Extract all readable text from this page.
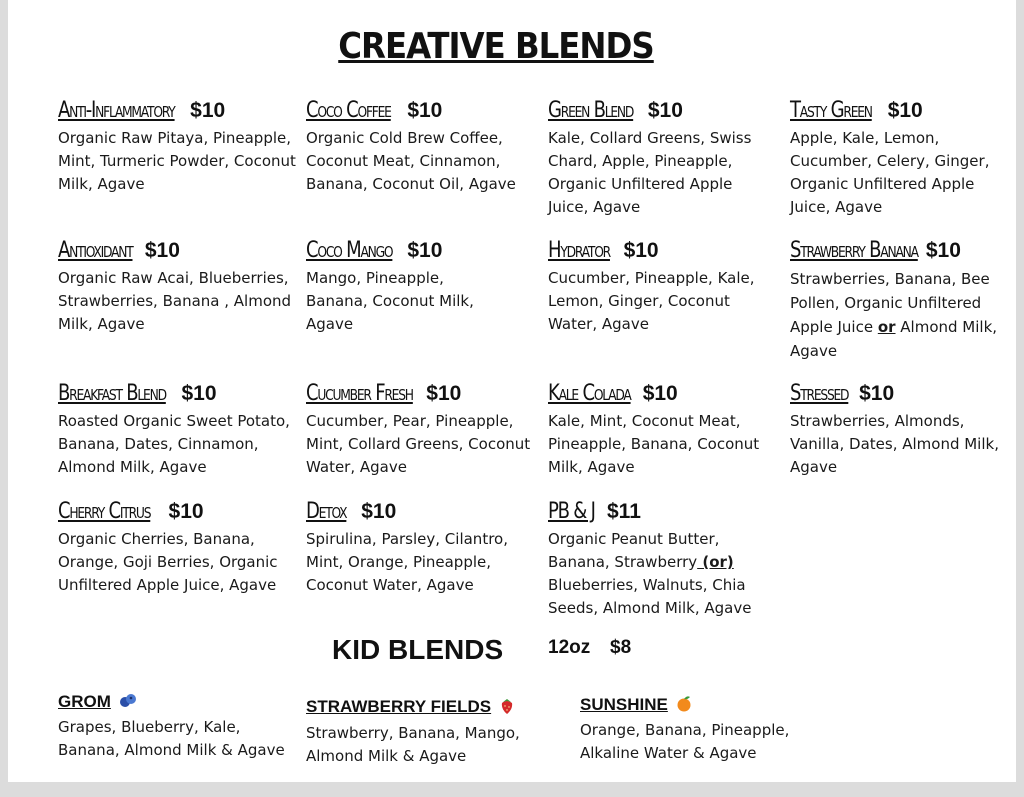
CREATIVE BLENDS
Anti-Inflammatory $10
Organic Raw Pitaya, Pineapple, Mint, Turmeric Powder, Coconut Milk, Agave
Coco Coffee $10
Organic Cold Brew Coffee, Coconut Meat, Cinnamon, Banana, Coconut Oil, Agave
Green Blend $10
Kale, Collard Greens, Swiss Chard, Apple, Pineapple, Organic Unfiltered Apple Juice, Agave
Tasty Green $10
Apple, Kale, Lemon, Cucumber, Celery, Ginger, Organic Unfiltered Apple Juice, Agave
Antioxidant $10
Organic Raw Acai, Blueberries, Strawberries, Banana , Almond Milk, Agave
Coco Mango $10
Mango, Pineapple, Banana, Coconut Milk, Agave
Hydrator $10
Cucumber, Pineapple, Kale, Lemon, Ginger, Coconut Water, Agave
Strawberry Banana $10
Strawberries, Banana, Bee Pollen, Organic Unfiltered Apple Juice or Almond Milk, Agave
Breakfast Blend $10
Roasted Organic Sweet Potato, Banana, Dates, Cinnamon, Almond Milk, Agave
Cucumber Fresh $10
Cucumber, Pear, Pineapple, Mint, Collard Greens, Coconut Water, Agave
Kale Colada $10
Kale, Mint, Coconut Meat, Pineapple, Banana, Coconut Milk, Agave
Stressed $10
Strawberries, Almonds, Vanilla, Dates, Almond Milk, Agave
Cherry Citrus $10
Organic Cherries, Banana, Orange, Goji Berries, Organic Unfiltered Apple Juice, Agave
Detox $10
Spirulina, Parsley, Cilantro, Mint, Orange, Pineapple, Coconut Water, Agave
PB & J $11
Organic Peanut Butter, Banana, Strawberry (or) Blueberries, Walnuts, Chia Seeds, Almond Milk, Agave
KID BLENDS 12oz $8
GROM
Grapes, Blueberry, Kale, Banana, Almond Milk & Agave
STRAWBERRY FIELDS
Strawberry, Banana, Mango, Almond Milk & Agave
SUNSHINE
Orange, Banana, Pineapple, Alkaline Water & Agave
